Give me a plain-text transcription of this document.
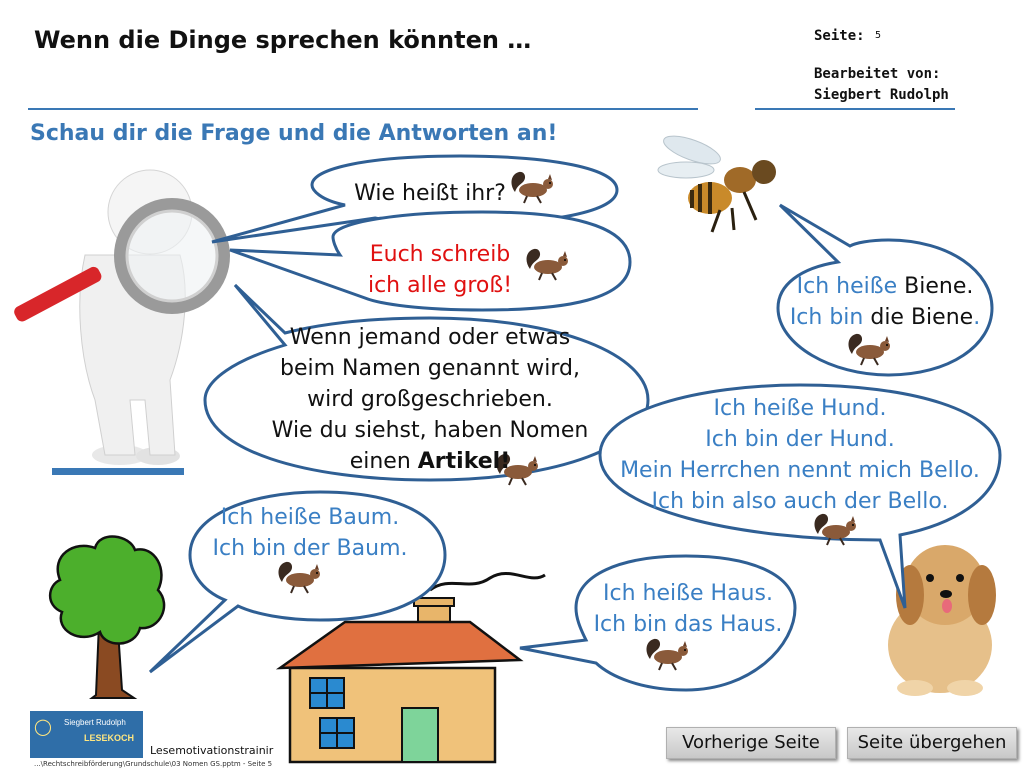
Wenn die Dinge sprechen könnten …	Seite: 5
Bearbeitet von:
Siegbert Rudolph
Schau dir die Frage und die Antworten an!
Wie heißt ihr?
Euch schreib
ich alle groß!
Wenn jemand oder etwas
beim Namen genannt wird,
wird großgeschrieben.
Wie du siehst, haben Nomen
einen Artikel!
Ich heiße Biene.
Ich bin die Biene.
Ich heiße Hund.
Ich bin der Hund.
Mein Herrchen nennt mich Bello.
Ich bin also auch der Bello.
Ich heiße Baum.
Ich bin der Baum.
Ich heiße Haus.
Ich bin das Haus.
◯ Siegbert Rudolph
LESEKOCH
Lesemotivationstrainir
...\Rechtschreibförderung\Grundschule\03 Nomen GS.pptm - Seite 5
Vorherige Seite	Seite übergehen
